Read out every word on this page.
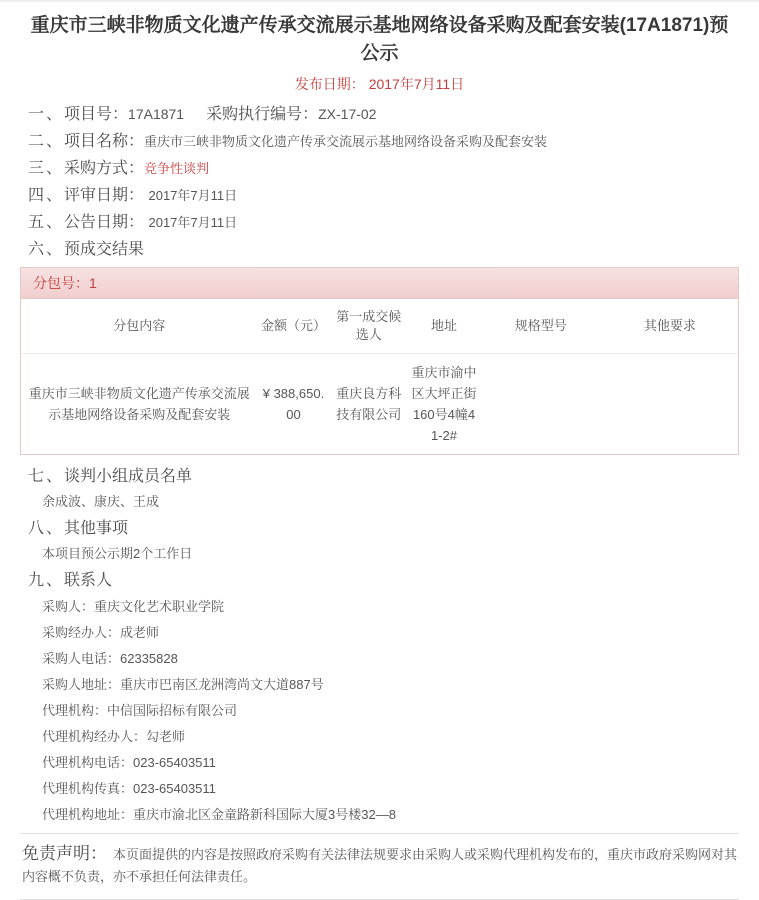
重庆市三峡非物质文化遗产传承交流展示基地网络设备采购及配套安装(17A1871)预公示
发布日期： 2017年7月11日
一、项目号：17A1871 采购执行编号：ZX-17-02
二、项目名称：重庆市三峡非物质文化遗产传承交流展示基地网络设备采购及配套安装
三、采购方式：竞争性谈判
四、评审日期： 2017年7月11日
五、公告日期： 2017年7月11日
六、预成交结果
分包号：1
分包内容	金额（元）	第一成交候选人	地址	规格型号	其他要求
重庆市三峡非物质文化遗产传承交流展示基地网络设备采购及配套安装	¥ 388,650.00	重庆良方科技有限公司	重庆市渝中区大坪正街160号4幢41-2#		
七、谈判小组成员名单
余成波、康庆、王成
八、其他事项
本项目预公示期2个工作日
九、联系人
采购人：重庆文化艺术职业学院
采购经办人：成老师
采购人电话：62335828
采购人地址：重庆市巴南区龙洲湾尚文大道887号
代理机构：中信国际招标有限公司
代理机构经办人：勾老师
代理机构电话：023-65403511
代理机构传真：023-65403511
代理机构地址：重庆市渝北区金童路新科国际大厦3号楼32—8
免责声明： 本页面提供的内容是按照政府采购有关法律法规要求由采购人或采购代理机构发布的，重庆市政府采购网对其内容概不负责，亦不承担任何法律责任。
